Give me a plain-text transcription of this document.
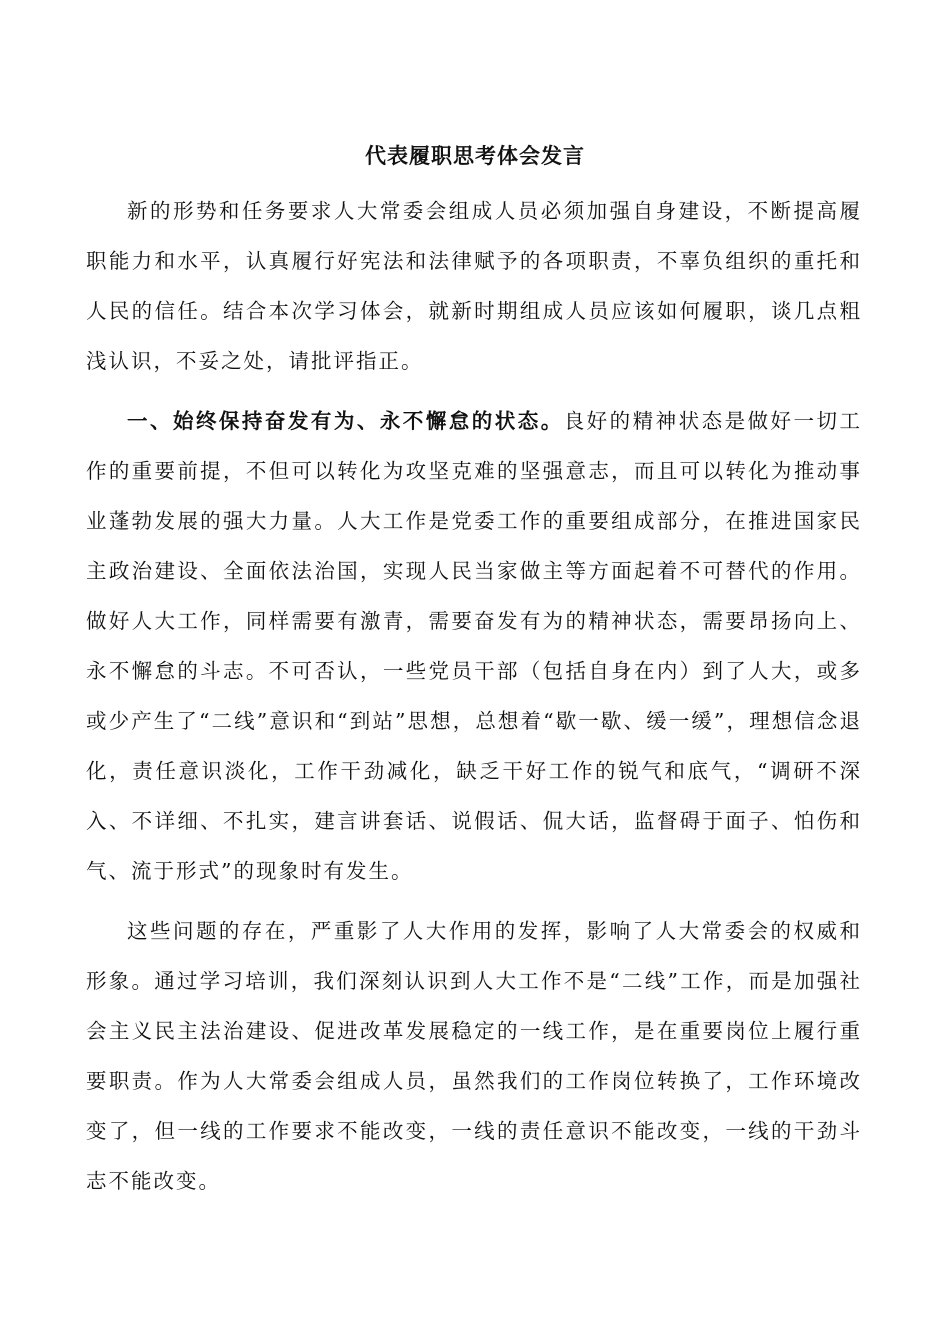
代表履职思考体会发言

新的形势和任务要求人大常委会组成人员必须加强自身建设，不断提高履职能力和水平，认真履行好宪法和法律赋予的各项职责，不辜负组织的重托和人民的信任。结合本次学习体会，就新时期组成人员应该如何履职，谈几点粗浅认识，不妥之处，请批评指正。

一、始终保持奋发有为、永不懈怠的状态。良好的精神状态是做好一切工作的重要前提，不但可以转化为攻坚克难的坚强意志，而且可以转化为推动事业蓬勃发展的强大力量。人大工作是党委工作的重要组成部分，在推进国家民主政治建设、全面依法治国，实现人民当家做主等方面起着不可替代的作用。做好人大工作，同样需要有激青，需要奋发有为的精神状态，需要昂扬向上、永不懈怠的斗志。不可否认，一些党员干部（包括自身在内）到了人大，或多或少产生了“二线”意识和“到站”思想，总想着“歇一歇、缓一缓”，理想信念退化，责任意识淡化，工作干劲减化，缺乏干好工作的锐气和底气，“调研不深入、不详细、不扎实，建言讲套话、说假话、侃大话，监督碍于面子、怕伤和气、流于形式”的现象时有发生。

这些问题的存在，严重影了人大作用的发挥，影响了人大常委会的权威和形象。通过学习培训，我们深刻认识到人大工作不是“二线”工作，而是加强社会主义民主法治建设、促进改革发展稳定的一线工作，是在重要岗位上履行重要职责。作为人大常委会组成人员，虽然我们的工作岗位转换了，工作环境改变了，但一线的工作要求不能改变，一线的责任意识不能改变，一线的干劲斗志不能改变。
